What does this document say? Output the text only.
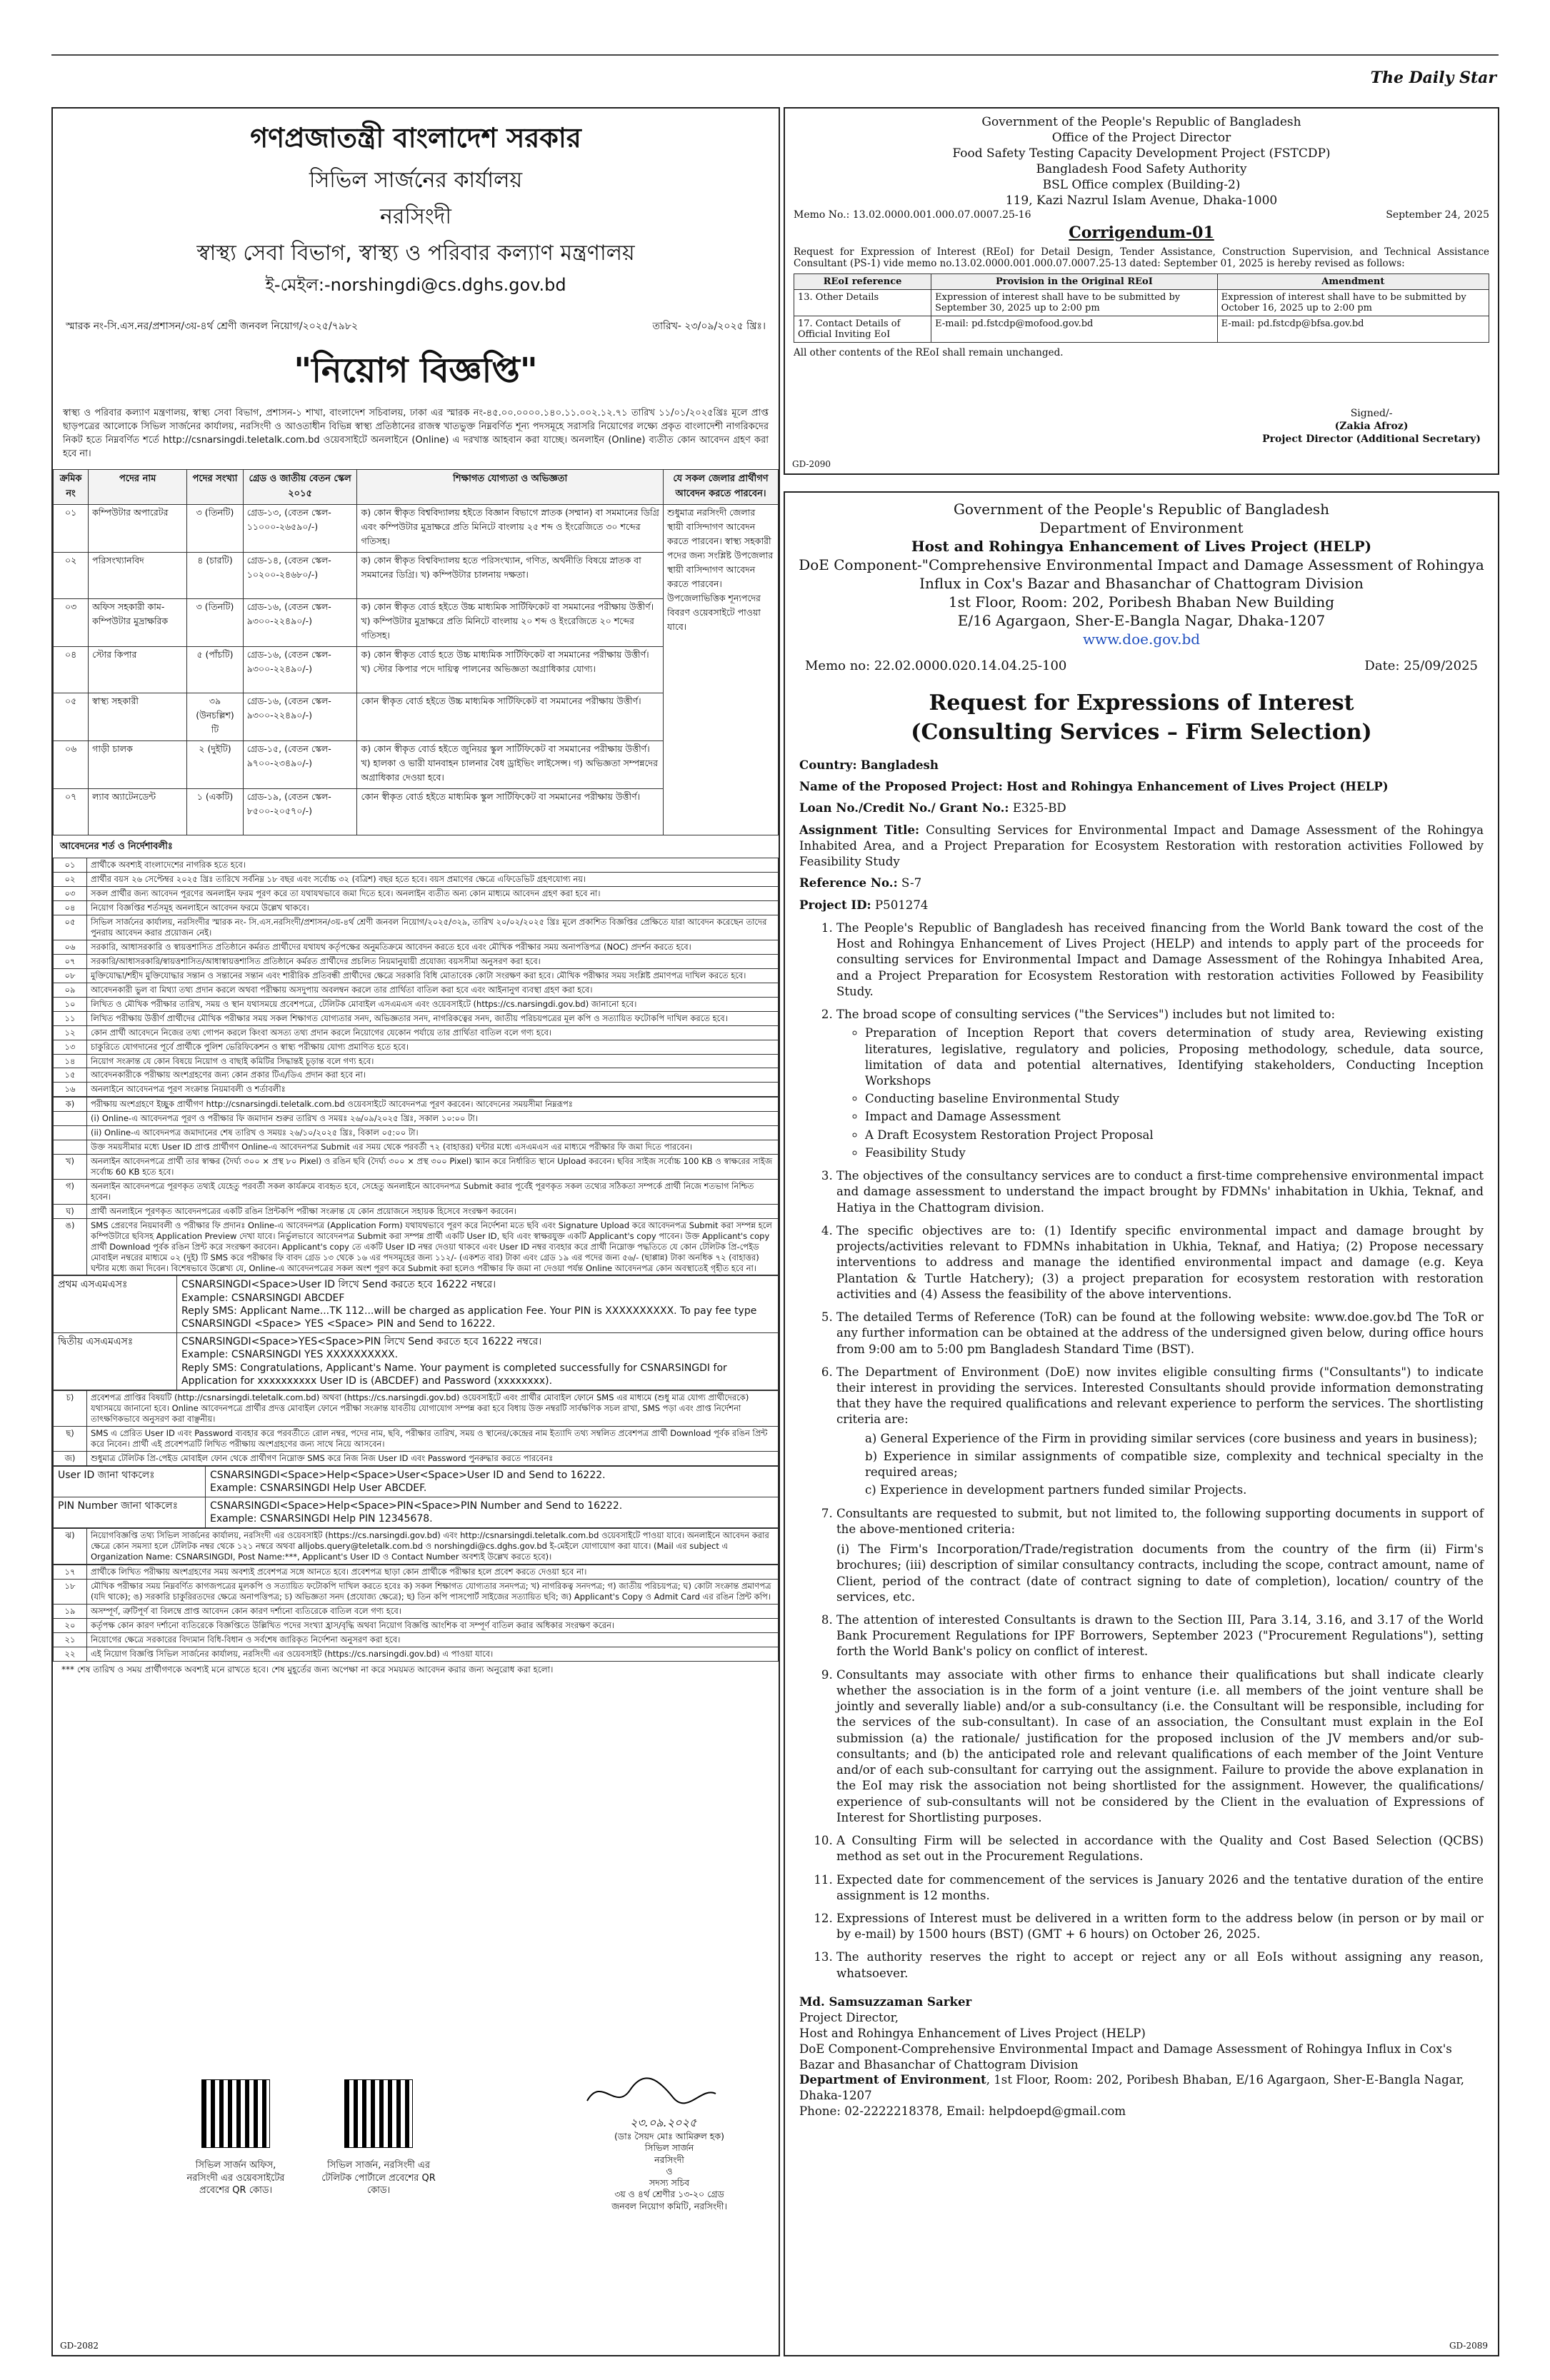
The Daily Star
গণপ্রজাতন্ত্রী বাংলাদেশ সরকার
সিভিল সার্জনের কার্যালয়
নরসিংদী
স্বাস্থ্য সেবা বিভাগ, স্বাস্থ্য ও পরিবার কল্যাণ মন্ত্রণালয়
ই-মেইল:-norshingdi@cs.dghs.gov.bd
স্মারক নং-সি.এস.নর/প্রশাসন/৩য়-৪র্থ শ্রেণী জনবল নিয়োগ/২০২৫/৭৯৮২	তারিখ- ২৩/০৯/২০২৫ খ্রিঃ।
"নিয়োগ বিজ্ঞপ্তি"
স্বাস্থ্য ও পরিবার কল্যাণ মন্ত্রণালয়, স্বাস্থ্য সেবা বিভাগ, প্রশাসন-১ শাখা, বাংলাদেশ সচিবালয়, ঢাকা এর স্মারক নং-৪৫.০০.০০০০.১৪০.১১.০০২.১২.৭১ তারিখ ১১/০১/২০২৫খ্রিঃ মূলে প্রাপ্ত ছাড়পত্রের আলোকে সিভিল সার্জনের কার্যালয়, নরসিংদী ও আওতাধীন বিভিন্ন স্বাস্থ্য প্রতিষ্ঠানের রাজস্ব খাতভুক্ত নিম্নবর্ণিত শূন্য পদসমূহে সরাসরি নিয়োগের লক্ষ্যে প্রকৃত বাংলাদেশী নাগরিকদের নিকট হতে নিম্নবর্ণিত শর্তে http://csnarsingdi.teletalk.com.bd ওয়েবসাইটে অনলাইনে (Online) এ দরখাস্ত আহবান করা যাচ্ছে। অনলাইন (Online) ব্যতীত কোন আবেদন গ্রহণ করা হবে না।
ক্রমিক নং	পদের নাম	পদের সংখ্যা	গ্রেড ও জাতীয় বেতন স্কেল ২০১৫	শিক্ষাগত যোগ্যতা ও অভিজ্ঞতা	যে সকল জেলার প্রার্থীগণ আবেদন করতে পারবেন।
০১	কম্পিউটার অপারেটর	৩ (তিনটি)	গ্রেড-১৩, (বেতন স্কেল- ১১০০০-২৬৫৯০/-)	ক) কোন স্বীকৃত বিশ্ববিদ্যালয় হইতে বিজ্ঞান বিভাগে স্নাতক (সম্মান) বা সমমানের ডিগ্রি এবং কম্পিউটার মুদ্রাক্ষরে প্রতি মিনিটে বাংলায় ২৫ শব্দ ও ইংরেজিতে ৩০ শব্দের গতিসহ।	শুধুমাত্র নরসিংদী জেলার স্থায়ী বাসিন্দাগণ আবেদন করতে পারবেন। স্বাস্থ্য সহকারী পদের জন্য সংশ্লিষ্ট উপজেলার স্থায়ী বাসিন্দাগণ আবেদন করতে পারবেন। উপজেলাভিত্তিক শূন্যপদের বিবরণ ওয়েবসাইটে পাওয়া যাবে।
০২	পরিসংখ্যানবিদ	৪ (চারটি)	গ্রেড-১৪, (বেতন স্কেল- ১০২০০-২৪৬৮০/-)	ক) কোন স্বীকৃত বিশ্ববিদ্যালয় হতে পরিসংখ্যান, গণিত, অর্থনীতি বিষয়ে স্নাতক বা সমমানের ডিগ্রি। খ) কম্পিউটার চালনায় দক্ষতা।	
০৩	অফিস সহকারী কাম-কম্পিউটার মুদ্রাক্ষরিক	৩ (তিনটি)	গ্রেড-১৬, (বেতন স্কেল- ৯৩০০-২২৪৯০/-)	ক) কোন স্বীকৃত বোর্ড হইতে উচ্চ মাধ্যমিক সার্টিফিকেট বা সমমানের পরীক্ষায় উত্তীর্ণ। খ) কম্পিউটার মুদ্রাক্ষরে প্রতি মিনিটে বাংলায় ২০ শব্দ ও ইংরেজিতে ২০ শব্দের গতিসহ।	
০৪	স্টোর কিপার	৫ (পাঁচটি)	গ্রেড-১৬, (বেতন স্কেল- ৯৩০০-২২৪৯০/-)	ক) কোন স্বীকৃত বোর্ড হতে উচ্চ মাধ্যমিক সার্টিফিকেট বা সমমানের পরীক্ষায় উত্তীর্ণ। খ) স্টোর কিপার পদে দায়িত্ব পালনের অভিজ্ঞতা অগ্রাধিকার যোগ্য।	
০৫	স্বাস্থ্য সহকারী	৩৯ (উনচল্লিশ) টি	গ্রেড-১৬, (বেতন স্কেল- ৯৩০০-২২৪৯০/-)	কোন স্বীকৃত বোর্ড হইতে উচ্চ মাধ্যমিক সার্টিফিকেট বা সমমানের পরীক্ষায় উত্তীর্ণ।	
০৬	গাড়ী চালক	২ (দুইটি)	গ্রেড-১৫, (বেতন স্কেল- ৯৭০০-২৩৪৯০/-)	ক) কোন স্বীকৃত বোর্ড হইতে জুনিয়র স্কুল সার্টিফিকেট বা সমমানের পরীক্ষায় উত্তীর্ণ। খ) হালকা ও ভারী যানবাহন চালনার বৈধ ড্রাইভিং লাইসেন্স। গ) অভিজ্ঞতা সম্পন্নদের অগ্রাধিকার দেওয়া হবে।	
০৭	ল্যাব অ্যাটেনডেন্ট	১ (একটি)	গ্রেড-১৯, (বেতন স্কেল- ৮৫০০-২০৫৭০/-)	কোন স্বীকৃত বোর্ড হইতে মাধ্যমিক স্কুল সার্টিফিকেট বা সমমানের পরীক্ষায় উত্তীর্ণ।	
আবেদনের শর্ত ও নির্দেশাবলীঃ
০১	প্রার্থীকে অবশ্যই বাংলাদেশের নাগরিক হতে হবে।
০২	প্রার্থীর বয়স ২৬ সেপ্টেম্বর ২০২৫ খ্রিঃ তারিখে সর্বনিম্ন ১৮ বছর এবং সর্বোচ্চ ৩২ (বত্রিশ) বছর হতে হবে। বয়স প্রমাণের ক্ষেত্রে এফিডেভিট গ্রহণযোগ্য নয়।
০৩	সকল প্রার্থীর জন্য আবেদন পূরণের অনলাইন ফরম পূরণ করে তা যথাযথভাবে জমা দিতে হবে। অনলাইন ব্যতীত অন্য কোন মাধ্যমে আবেদন গ্রহণ করা হবে না।
০৪	নিয়োগ বিজ্ঞপ্তির শর্তসমূহ অনলাইনে আবেদন ফরমে উল্লেখ থাকবে।
০৫	সিভিল সার্জনের কার্যালয়, নরসিংদীর স্মারক নং- সি.এস.নরসিংদী/প্রশাসন/৩য়-৪র্থ শ্রেণী জনবল নিয়োগ/২০২৫/৩২৯, তারিখ ২০/০২/২০২৫ খ্রিঃ মূলে প্রকাশিত বিজ্ঞপ্তির প্রেক্ষিতে যারা আবেদন করেছেন তাদের পুনরায় আবেদন করার প্রয়োজন নেই।
০৬	সরকারি, আধাসরকারি ও স্বায়ত্তশাসিত প্রতিষ্ঠানে কর্মরত প্রার্থীদের যথাযথ কর্তৃপক্ষের অনুমতিক্রমে আবেদন করতে হবে এবং মৌখিক পরীক্ষার সময় অনাপত্তিপত্র (NOC) প্রদর্শন করতে হবে।
০৭	সরকারি/আধাসরকারি/স্বায়ত্তশাসিত/আধাস্বায়ত্তশাসিত প্রতিষ্ঠানে কর্মরত প্রার্থীদের প্রচলিত নিয়মানুযায়ী প্রযোজ্য বয়সসীমা অনুসরণ করা হবে।
০৮	মুক্তিযোদ্ধা/শহীদ মুক্তিযোদ্ধার সন্তান ও সন্তানের সন্তান এবং শারীরিক প্রতিবন্ধী প্রার্থীদের ক্ষেত্রে সরকারি বিধি মোতাবেক কোটা সংরক্ষণ করা হবে। মৌখিক পরীক্ষার সময় সংশ্লিষ্ট প্রমাণপত্র দাখিল করতে হবে।
০৯	আবেদনকারী ভুল বা মিথ্যা তথ্য প্রদান করলে অথবা পরীক্ষায় অসদুপায় অবলম্বন করলে তার প্রার্থিতা বাতিল করা হবে এবং আইনানুগ ব্যবস্থা গ্রহণ করা হবে।
১০	লিখিত ও মৌখিক পরীক্ষার তারিখ, সময় ও স্থান যথাসময়ে প্রবেশপত্রে, টেলিটক মোবাইল এসএমএস এবং ওয়েবসাইটে (https://cs.narsingdi.gov.bd) জানানো হবে।
১১	লিখিত পরীক্ষায় উত্তীর্ণ প্রার্থীদের মৌখিক পরীক্ষার সময় সকল শিক্ষাগত যোগ্যতার সনদ, অভিজ্ঞতার সনদ, নাগরিকত্বের সনদ, জাতীয় পরিচয়পত্রের মূল কপি ও সত্যায়িত ফটোকপি দাখিল করতে হবে।
১২	কোন প্রার্থী আবেদনে নিজের তথ্য গোপন করলে কিংবা অসত্য তথ্য প্রদান করলে নিয়োগের যেকোন পর্যায়ে তার প্রার্থিতা বাতিল বলে গণ্য হবে।
১৩	চাকুরিতে যোগদানের পূর্বে প্রার্থীকে পুলিশ ভেরিফিকেশন ও স্বাস্থ্য পরীক্ষায় যোগ্য প্রমাণিত হতে হবে।
১৪	নিয়োগ সংক্রান্ত যে কোন বিষয়ে নিয়োগ ও বাছাই কমিটির সিদ্ধান্তই চূড়ান্ত বলে গণ্য হবে।
১৫	আবেদনকারীকে পরীক্ষায় অংশগ্রহণের জন্য কোন প্রকার টিএ/ডিএ প্রদান করা হবে না।
১৬	অনলাইনে আবেদনপত্র পূরণ সংক্রান্ত নিয়মাবলী ও শর্তাবলীঃ
ক)	পরীক্ষায় অংশগ্রহণে ইচ্ছুক প্রার্থীগণ http://csnarsingdi.teletalk.com.bd ওয়েবসাইটে আবেদনপত্র পূরণ করবেন। আবেদনের সময়সীমা নিম্নরূপঃ
	(i) Online-এ আবেদনপত্র পূরণ ও পরীক্ষার ফি জমাদান শুরুর তারিখ ও সময়ঃ ২৬/০৯/২০২৫ খ্রিঃ, সকাল ১০:০০ টা।
	(ii) Online-এ আবেদনপত্র জমাদানের শেষ তারিখ ও সময়ঃ ২৬/১০/২০২৫ খ্রিঃ, বিকাল ০৫:০০ টা।
	উক্ত সময়সীমার মধ্যে User ID প্রাপ্ত প্রার্থীগণ Online-এ আবেদনপত্র Submit এর সময় থেকে পরবর্তী ৭২ (বাহাত্তর) ঘন্টার মধ্যে এসএমএস এর মাধ্যমে পরীক্ষার ফি জমা দিতে পারবেন।
খ)	অনলাইন আবেদনপত্রে প্রার্থী তার স্বাক্ষর (দৈর্ঘ্য ৩০০ × প্রস্থ ৮০ Pixel) ও রঙিন ছবি (দৈর্ঘ্য ৩০০ × প্রস্থ ৩০০ Pixel) স্ক্যান করে নির্ধারিত স্থানে Upload করবেন। ছবির সাইজ সর্বোচ্চ 100 KB ও স্বাক্ষরের সাইজ সর্বোচ্চ 60 KB হতে হবে।
গ)	অনলাইন আবেদনপত্রে পূরণকৃত তথ্যই যেহেতু পরবর্তী সকল কার্যক্রমে ব্যবহৃত হবে, সেহেতু অনলাইনে আবেদনপত্র Submit করার পূর্বেই পূরণকৃত সকল তথ্যের সঠিকতা সম্পর্কে প্রার্থী নিজে শতভাগ নিশ্চিত হবেন।
ঘ)	প্রার্থী অনলাইনে পূরণকৃত আবেদনপত্রের একটি রঙিন প্রিন্টকপি পরীক্ষা সংক্রান্ত যে কোন প্রয়োজনে সহায়ক হিসেবে সংরক্ষণ করবেন।
ঙ)	SMS প্রেরণের নিয়মাবলী ও পরীক্ষার ফি প্রদানঃ Online-এ আবেদনপত্র (Application Form) যথাযথভাবে পূরণ করে নির্দেশনা মতে ছবি এবং Signature Upload করে আবেদনপত্র Submit করা সম্পন্ন হলে কম্পিউটারে ছবিসহ Application Preview দেখা যাবে। নির্ভুলভাবে আবেদনপত্র Submit করা সম্পন্ন প্রার্থী একটি User ID, ছবি এবং স্বাক্ষরযুক্ত একটি Applicant's copy পাবেন। উক্ত Applicant's copy প্রার্থী Download পূর্বক রঙিন প্রিন্ট করে সংরক্ষণ করবেন। Applicant's copy তে একটি User ID নম্বর দেওয়া থাকবে এবং User ID নম্বর ব্যবহার করে প্রার্থী নিম্নোক্ত পদ্ধতিতে যে কোন টেলিটক প্রি-পেইড মোবাইল নম্বরের মাধ্যমে ০২ (দুই) টি SMS করে পরীক্ষার ফি বাবদ গ্রেড ১৩ থেকে ১৬ এর পদসমূহের জন্য ১১২/- (একশত বার) টাকা এবং গ্রেড ১৯ এর পদের জন্য ৫৬/- (ছাপ্পান্ন) টাকা অনধিক ৭২ (বাহাত্তর) ঘন্টার মধ্যে জমা দিবেন। বিশেষভাবে উল্লেখ্য যে, Online-এ আবেদনপত্রের সকল অংশ পূরণ করে Submit করা হলেও পরীক্ষার ফি জমা না দেওয়া পর্যন্ত Online আবেদনপত্র কোন অবস্থাতেই গৃহীত হবে না।
প্রথম এসএমএসঃ	CSNARSINGDI<Space>User ID লিখে Send করতে হবে 16222 নম্বরে।
Example: CSNARSINGDI ABCDEF
Reply SMS: Applicant Name...TK 112...will be charged as application Fee. Your PIN is XXXXXXXXXX. To pay fee type CSNARSINGDI <Space> YES <Space> PIN and Send to 16222.

দ্বিতীয় এসএমএসঃ	CSNARSINGDI<Space>YES<Space>PIN লিখে Send করতে হবে 16222 নম্বরে।
Example: CSNARSINGDI YES XXXXXXXXXX.
Reply SMS: Congratulations, Applicant's Name. Your payment is completed successfully for CSNARSINGDI for Application for xxxxxxxxxx User ID is (ABCDEF) and Password (xxxxxxxx).
চ)	প্রবেশপত্র প্রাপ্তির বিষয়টি (http://csnarsingdi.teletalk.com.bd) অথবা (https://cs.narsingdi.gov.bd) ওয়েবসাইটে এবং প্রার্থীর মোবাইল ফোনে SMS এর মাধ্যমে (শুধু মাত্র যোগ্য প্রার্থীদেরকে) যথাসময়ে জানানো হবে। Online আবেদনপত্রে প্রার্থীর প্রদত্ত মোবাইল ফোনে পরীক্ষা সংক্রান্ত যাবতীয় যোগাযোগ সম্পন্ন করা হবে বিধায় উক্ত নম্বরটি সার্বক্ষণিক সচল রাখা, SMS পড়া এবং প্রাপ্ত নির্দেশনা তাৎক্ষণিকভাবে অনুসরণ করা বাঞ্ছনীয়।
ছ)	SMS এ প্রেরিত User ID এবং Password ব্যবহার করে পরবর্তীতে রোল নম্বর, পদের নাম, ছবি, পরীক্ষার তারিখ, সময় ও স্থানের/কেন্দ্রের নাম ইত্যাদি তথ্য সম্বলিত প্রবেশপত্র প্রার্থী Download পূর্বক রঙিন প্রিন্ট করে নিবেন। প্রার্থী এই প্রবেশপত্রটি লিখিত পরীক্ষায় অংশগ্রহণের জন্য সাথে নিয়ে আসবেন।
জ)	শুধুমাত্র টেলিটক প্রি-পেইড মোবাইল ফোন থেকে প্রার্থীগণ নিম্নোক্ত SMS করে নিজ নিজ User ID এবং Password পুনরুদ্ধার করতে পারবেনঃ
User ID জানা থাকলেঃ	CSNARSINGDI<Space>Help<Space>User<Space>User ID and Send to 16222.
Example: CSNARSINGDI Help User ABCDEF.

PIN Number জানা থাকলেঃ	CSNARSINGDI<Space>Help<Space>PIN<Space>PIN Number and Send to 16222.
Example: CSNARSINGDI Help PIN 12345678.
ঝ)	নিয়োগবিজ্ঞপ্তি তথ্য সিভিল সার্জনের কার্যালয়, নরসিংদী এর ওয়েবসাইট (https://cs.narsingdi.gov.bd) এবং http://csnarsingdi.teletalk.com.bd ওয়েবসাইটে পাওয়া যাবে। অনলাইনে আবেদন করার ক্ষেত্রে কোন সমস্যা হলে টেলিটক নম্বর থেকে ১২১ নম্বরে অথবা alljobs.query@teletalk.com.bd ও norshingdi@cs.dghs.gov.bd ই-মেইলে যোগাযোগ করা যাবে। (Mail এর subject এ Organization Name: CSNARSINGDI, Post Name:***, Applicant's User ID ও Contact Number অবশ্যই উল্লেখ করতে হবে)।
১৭	প্রার্থীকে লিখিত পরীক্ষায় অংশগ্রহণের সময় অবশ্যই প্রবেশপত্র সঙ্গে আনতে হবে। প্রবেশপত্র ছাড়া কোন প্রার্থীকে পরীক্ষার হলে প্রবেশ করতে দেওয়া হবে না।
১৮	মৌখিক পরীক্ষার সময় নিম্নবর্ণিত কাগজপত্রের মূলকপি ও সত্যায়িত ফটোকপি দাখিল করতে হবেঃ ক) সকল শিক্ষাগত যোগ্যতার সনদপত্র; খ) নাগরিকত্ব সনদপত্র; গ) জাতীয় পরিচয়পত্র; ঘ) কোটা সংক্রান্ত প্রমাণপত্র (যদি থাকে); ঙ) সরকারি চাকুরিরতদের ক্ষেত্রে অনাপত্তিপত্র; চ) অভিজ্ঞতা সনদ (প্রযোজ্য ক্ষেত্রে); ছ) তিন কপি পাসপোর্ট সাইজের সত্যায়িত ছবি; জ) Applicant's Copy ও Admit Card এর রঙিন প্রিন্ট কপি।
১৯	অসম্পূর্ণ, ত্রুটিপূর্ণ বা বিলম্বে প্রাপ্ত আবেদন কোন কারণ দর্শানো ব্যতিরেকে বাতিল বলে গণ্য হবে।
২০	কর্তৃপক্ষ কোন কারণ দর্শানো ব্যতিরেকে বিজ্ঞপ্তিতে উল্লিখিত পদের সংখ্যা হ্রাস/বৃদ্ধি অথবা নিয়োগ বিজ্ঞপ্তি আংশিক বা সম্পূর্ণ বাতিল করার অধিকার সংরক্ষণ করেন।
২১	নিয়োগের ক্ষেত্রে সরকারের বিদ্যমান বিধি-বিধান ও সর্বশেষ জারিকৃত নির্দেশনা অনুসরণ করা হবে।
২২	এই নিয়োগ বিজ্ঞপ্তি সিভিল সার্জনের কার্যালয়, নরসিংদী এর ওয়েবসাইট (https://cs.narsingdi.gov.bd) এ পাওয়া যাবে।
*** শেষ তারিখ ও সময় প্রার্থীগণকে অবশ্যই মনে রাখতে হবে। শেষ মুহূর্তের জন্য অপেক্ষা না করে সময়মত আবেদন করার জন্য অনুরোধ করা হলো।
সিভিল সার্জন অফিস, নরসিংদী এর ওয়েবসাইটের প্রবেশের QR কোড।
সিভিল সার্জন, নরসিংদী এর টেলিটক পোর্টালে প্রবেশের QR কোড।
২৩.০৯.২০২৫
(ডাঃ সৈয়দ মোঃ আমিরুল হক)
সিভিল সার্জন
নরসিংদী
ও
সদস্য সচিব
৩য় ও ৪র্থ শ্রেণীর ১৩-২০ গ্রেড
জনবল নিয়োগ কমিটি, নরসিংদী।
GD-2082
Government of the People's Republic of Bangladesh
Office of the Project Director
Food Safety Testing Capacity Development Project (FSTCDP)
Bangladesh Food Safety Authority
BSL Office complex (Building-2)
119, Kazi Nazrul Islam Avenue, Dhaka-1000
Memo No.: 13.02.0000.001.000.07.0007.25-16	September 24, 2025
Corrigendum-01
Request for Expression of Interest (REoI) for Detail Design, Tender Assistance, Construction Supervision, and Technical Assistance Consultant (PS-1) vide memo no.13.02.0000.001.000.07.0007.25-13 dated: September 01, 2025 is hereby revised as follows:
REoI reference	Provision in the Original REoI	Amendment
13. Other Details	Expression of interest shall have to be submitted by September 30, 2025 up to 2:00 pm	Expression of interest shall have to be submitted by October 16, 2025 up to 2:00 pm
17. Contact Details of Official Inviting EoI	E-mail: pd.fstcdp@mofood.gov.bd	E-mail: pd.fstcdp@bfsa.gov.bd
All other contents of the REoI shall remain unchanged.
Signed/-
(Zakia Afroz)
Project Director (Additional Secretary)
GD-2090
Government of the People's Republic of Bangladesh
Department of Environment
Host and Rohingya Enhancement of Lives Project (HELP)
DoE Component-"Comprehensive Environmental Impact and Damage Assessment of Rohingya Influx in Cox's Bazar and Bhasanchar of Chattogram Division
1st Floor, Room: 202, Poribesh Bhaban New Building
E/16 Agargaon, Sher-E-Bangla Nagar, Dhaka-1207
www.doe.gov.bd
Memo no: 22.02.0000.020.14.04.25-100	Date: 25/09/2025
Request for Expressions of Interest
(Consulting Services – Firm Selection)

Country: Bangladesh

Name of the Proposed Project: Host and Rohingya Enhancement of Lives Project (HELP)

Loan No./Credit No./ Grant No.: E325-BD

Assignment Title: Consulting Services for Environmental Impact and Damage Assessment of the Rohingya Inhabited Area, and a Project Preparation for Ecosystem Restoration with restoration activities Followed by Feasibility Study

Reference No.: S-7

Project ID: P501274

1. The People's Republic of Bangladesh has received financing from the World Bank toward the cost of the Host and Rohingya Enhancement of Lives Project (HELP) and intends to apply part of the proceeds for consulting services for Environmental Impact and Damage Assessment of the Rohingya Inhabited Area, and a Project Preparation for Ecosystem Restoration with restoration activities Followed by Feasibility Study.
2. The broad scope of consulting services ("the Services") includes but not limited to:
◦ Preparation of Inception Report that covers determination of study area, Reviewing existing literatures, legislative, regulatory and policies, Proposing methodology, schedule, data source, limitation of data and potential alternatives, Identifying stakeholders, Conducting Inception Workshops
◦ Conducting baseline Environmental Study
◦ Impact and Damage Assessment
◦ A Draft Ecosystem Restoration Project Proposal
◦ Feasibility Study
3. The objectives of the consultancy services are to conduct a first-time comprehensive environmental impact and damage assessment to understand the impact brought by FDMNs' inhabitation in Ukhia, Teknaf, and Hatiya in the Chattogram division.
4. The specific objectives are to: (1) Identify specific environmental impact and damage brought by projects/activities relevant to FDMNs inhabitation in Ukhia, Teknaf, and Hatiya; (2) Propose necessary interventions to address and manage the identified environmental impact and damage (e.g. Keya Plantation & Turtle Hatchery); (3) a project preparation for ecosystem restoration with restoration activities and (4) Assess the feasibility of the above interventions.
5. The detailed Terms of Reference (ToR) can be found at the following website: www.doe.gov.bd The ToR or any further information can be obtained at the address of the undersigned given below, during office hours from 9:00 am to 5:00 pm Bangladesh Standard Time (BST).
6. The Department of Environment (DoE) now invites eligible consulting firms ("Consultants") to indicate their interest in providing the services. Interested Consultants should provide information demonstrating that they have the required qualifications and relevant experience to perform the services. The shortlisting criteria are:
a) General Experience of the Firm in providing similar services (core business and years in business);
b) Experience in similar assignments of compatible size, complexity and technical specialty in the required areas;
c) Experience in development partners funded similar Projects.
7. Consultants are requested to submit, but not limited to, the following supporting documents in support of the above-mentioned criteria:
(i) The Firm's Incorporation/Trade/registration documents from the country of the firm (ii) Firm's brochures; (iii) description of similar consultancy contracts, including the scope, contract amount, name of Client, period of the contract (date of contract signing to date of completion), location/ country of the services, etc.
8. The attention of interested Consultants is drawn to the Section III, Para 3.14, 3.16, and 3.17 of the World Bank Procurement Regulations for IPF Borrowers, September 2023 ("Procurement Regulations"), setting forth the World Bank's policy on conflict of interest.
9. Consultants may associate with other firms to enhance their qualifications but shall indicate clearly whether the association is in the form of a joint venture (i.e. all members of the joint venture shall be jointly and severally liable) and/or a sub-consultancy (i.e. the Consultant will be responsible, including for the services of the sub-consultant). In case of an association, the Consultant must explain in the EoI submission (a) the rationale/ justification for the proposed inclusion of the JV members and/or sub-consultants; and (b) the anticipated role and relevant qualifications of each member of the Joint Venture and/or of each sub-consultant for carrying out the assignment. Failure to provide the above explanation in the EoI may risk the association not being shortlisted for the assignment. However, the qualifications/ experience of sub-consultants will not be considered by the Client in the evaluation of Expressions of Interest for Shortlisting purposes.
10. A Consulting Firm will be selected in accordance with the Quality and Cost Based Selection (QCBS) method as set out in the Procurement Regulations.
11. Expected date for commencement of the services is January 2026 and the tentative duration of the entire assignment is 12 months.
12. Expressions of Interest must be delivered in a written form to the address below (in person or by mail or by e-mail) by 1500 hours (BST) (GMT + 6 hours) on October 26, 2025.
13. The authority reserves the right to accept or reject any or all EoIs without assigning any reason, whatsoever.
Md. Samsuzzaman Sarker
Project Director,
Host and Rohingya Enhancement of Lives Project (HELP)
DoE Component-Comprehensive Environmental Impact and Damage Assessment of Rohingya Influx in Cox's Bazar and Bhasanchar of Chattogram Division
Department of Environment, 1st Floor, Room: 202, Poribesh Bhaban, E/16 Agargaon, Sher-E-Bangla Nagar, Dhaka-1207
Phone: 02-2222218378, Email: helpdoepd@gmail.com
GD-2089
